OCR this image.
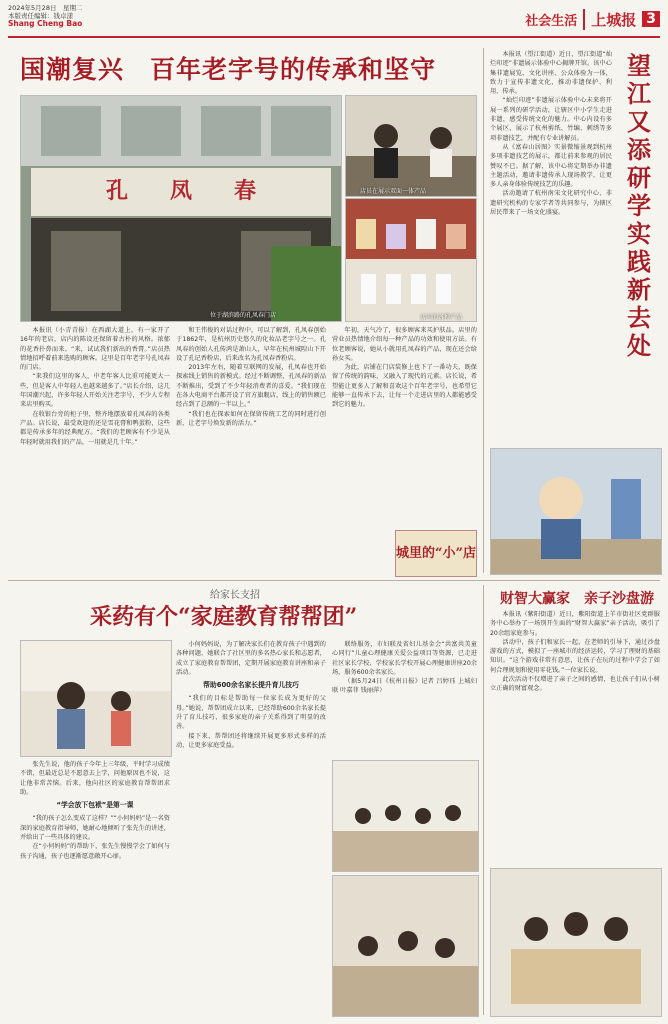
2024年5月28日　星期二
本版责任编辑：钱卓漾
Shang Cheng Bao	社会生活 上城报 3
国潮复兴　百年老字号的传承和坚守
孔　凤　春
位于湖滨路的孔凤春门店
店员在展示双面一体产品
店内的各种产品

本报讯（小青青报）在西湖大道上，有一家开了16年的老店，店内的陈设还保留着古朴的风格。浓郁的花香扑鼻而来。“来，试试我们新出的香膏。”店员热情地招呼着前来选购的顾客。这里是百年老字号孔凤春的门店。

“来我们这里的客人，中老年客人比重可能更大一些，但是客人中年轻人也越来越多了。”店长介绍，这几年国潮兴起，许多年轻人开始关注老字号，不少人专程来店里购买。

在收银台旁的柜子里，整齐地摆放着孔凤春的各类产品。店长说，最受欢迎的还是雪花膏和鸭蛋粉，这些都是传承多年的经典配方。“我们的老顾客有不少是从年轻时就用我们的产品，一用就是几十年。”

和王伟俊的对话过程中，可以了解到，孔凤春创始于1862年，是杭州历史悠久的化妆品老字号之一。孔凤春的创始人孔传鸿是萧山人，早年在杭州城隍山下开设了孔记香粉店，后来改名为孔凤春香粉店。

2013年左右，随着互联网的发展，孔凤春也开始探索线上销售的新模式。经过不断调整，孔凤春的新品不断推出，受到了不少年轻消费者的喜爱。“我们现在在各大电商平台都开设了官方旗舰店，线上的销售额已经占到了总额的一半以上。”

“我们也在探索如何在保留传统工艺的同时进行创新，让老字号焕发新的活力。”

年初，天气冷了，很多顾客来买护肤品。店里的营业员热情地介绍每一种产品的功效和使用方法。有位老顾客说，她从小就用孔凤春的产品，现在还会给孙女买。

为此，店铺在门店装修上也下了一番功夫，既保留了传统的韵味，又融入了现代的元素。店长说，希望能让更多人了解和喜欢这个百年老字号，也希望它能够一直传承下去，让每一个走进店里的人都能感受到它的魅力。

城里的“小”店

本报讯（望江街道）近日，望江街道“灿烂印迹”非遗展示体验中心揭牌开馆。该中心集非遗展览、文化讲座、公众体验为一体，致力于宣传非遗文化，推动非遗保护、利用、传承。

“灿烂印迹”非遗展示体验中心未来将开展一系列的研学活动，让辖区中小学生走进非遗，感受传统文化的魅力。中心内设有多个展区，展示了杭州剪纸、竹编、刺绣等多项非遗技艺，并配有专业讲解员。

从《富春山居图》实景微缩景观到杭州多项非遗技艺的展示，都让前来参观的居民赞叹不已。据了解，该中心将定期举办非遗主题活动，邀请非遗传承人现场教学，让更多人亲身体验传统技艺的乐趣。

活动邀请了杭州南宋文化研究中心、非遗研究机构的专家学者等共同参与，为辖区居民带来了一场文化盛宴。

望江又添研学实践新去处
给家长支招
采药有个“家庭教育帮帮团”

张先生说，他的孩子今年上三年级，平时学习成绩不错，但最近总是不愿意去上学，问他原因也不说，这让他非常苦恼。后来，他向社区的家庭教育帮帮团求助。

“学会放下包袱”是第一课

“我的孩子怎么变成了这样？”“小何妈妈”是一名资深的家庭教育指导师，她耐心地倾听了张先生的讲述，并给出了一些具体的建议。

在“小何妈妈”的帮助下，张先生慢慢学会了如何与孩子沟通，孩子也逐渐愿意敞开心扉。

小何妈妈说，为了解决家长们在教育孩子中遇到的各种问题，她联合了社区里的多名热心家长和志愿者，成立了家庭教育帮帮团，定期开展家庭教育讲座和亲子活动。

帮助600余名家长提升育儿技巧

“我们的目标是帮助每一位家长成为更好的父母。”她说，帮帮团成立以来，已经帮助600余名家长提升了育儿技巧，很多家庭的亲子关系得到了明显的改善。

接下来，帮帮团还将继续开展更多形式多样的活动，让更多家庭受益。

联络服务，市妇联及省妇儿基金会“共富共美童心同行”儿童心理健康关爱公益项目等资源，已走进社区家长学校、学校家长学校开展心理健康讲座20余场，服务600余名家长。

（据5月24日《杭州日报》记者 吕婷珏 上城妇联 叶嘉菲 钱丽萍）

财智大赢家　亲子沙盘游

本报讯（紫阳街道）近日，紫阳街道上羊市街社区党群服务中心举办了一场别开生面的“财智大赢家”亲子活动，吸引了20余组家庭参与。

活动中，孩子们和家长一起，在老师的引导下，通过沙盘游戏的方式，模拟了一座城市的经济运转，学习了理财的基础知识。“这个游戏非常有意思，让孩子在玩的过程中学会了如何合理规划和使用零花钱。”一位家长说。

此次活动不仅增进了亲子之间的感情，也让孩子们从小树立正确的财富观念。
